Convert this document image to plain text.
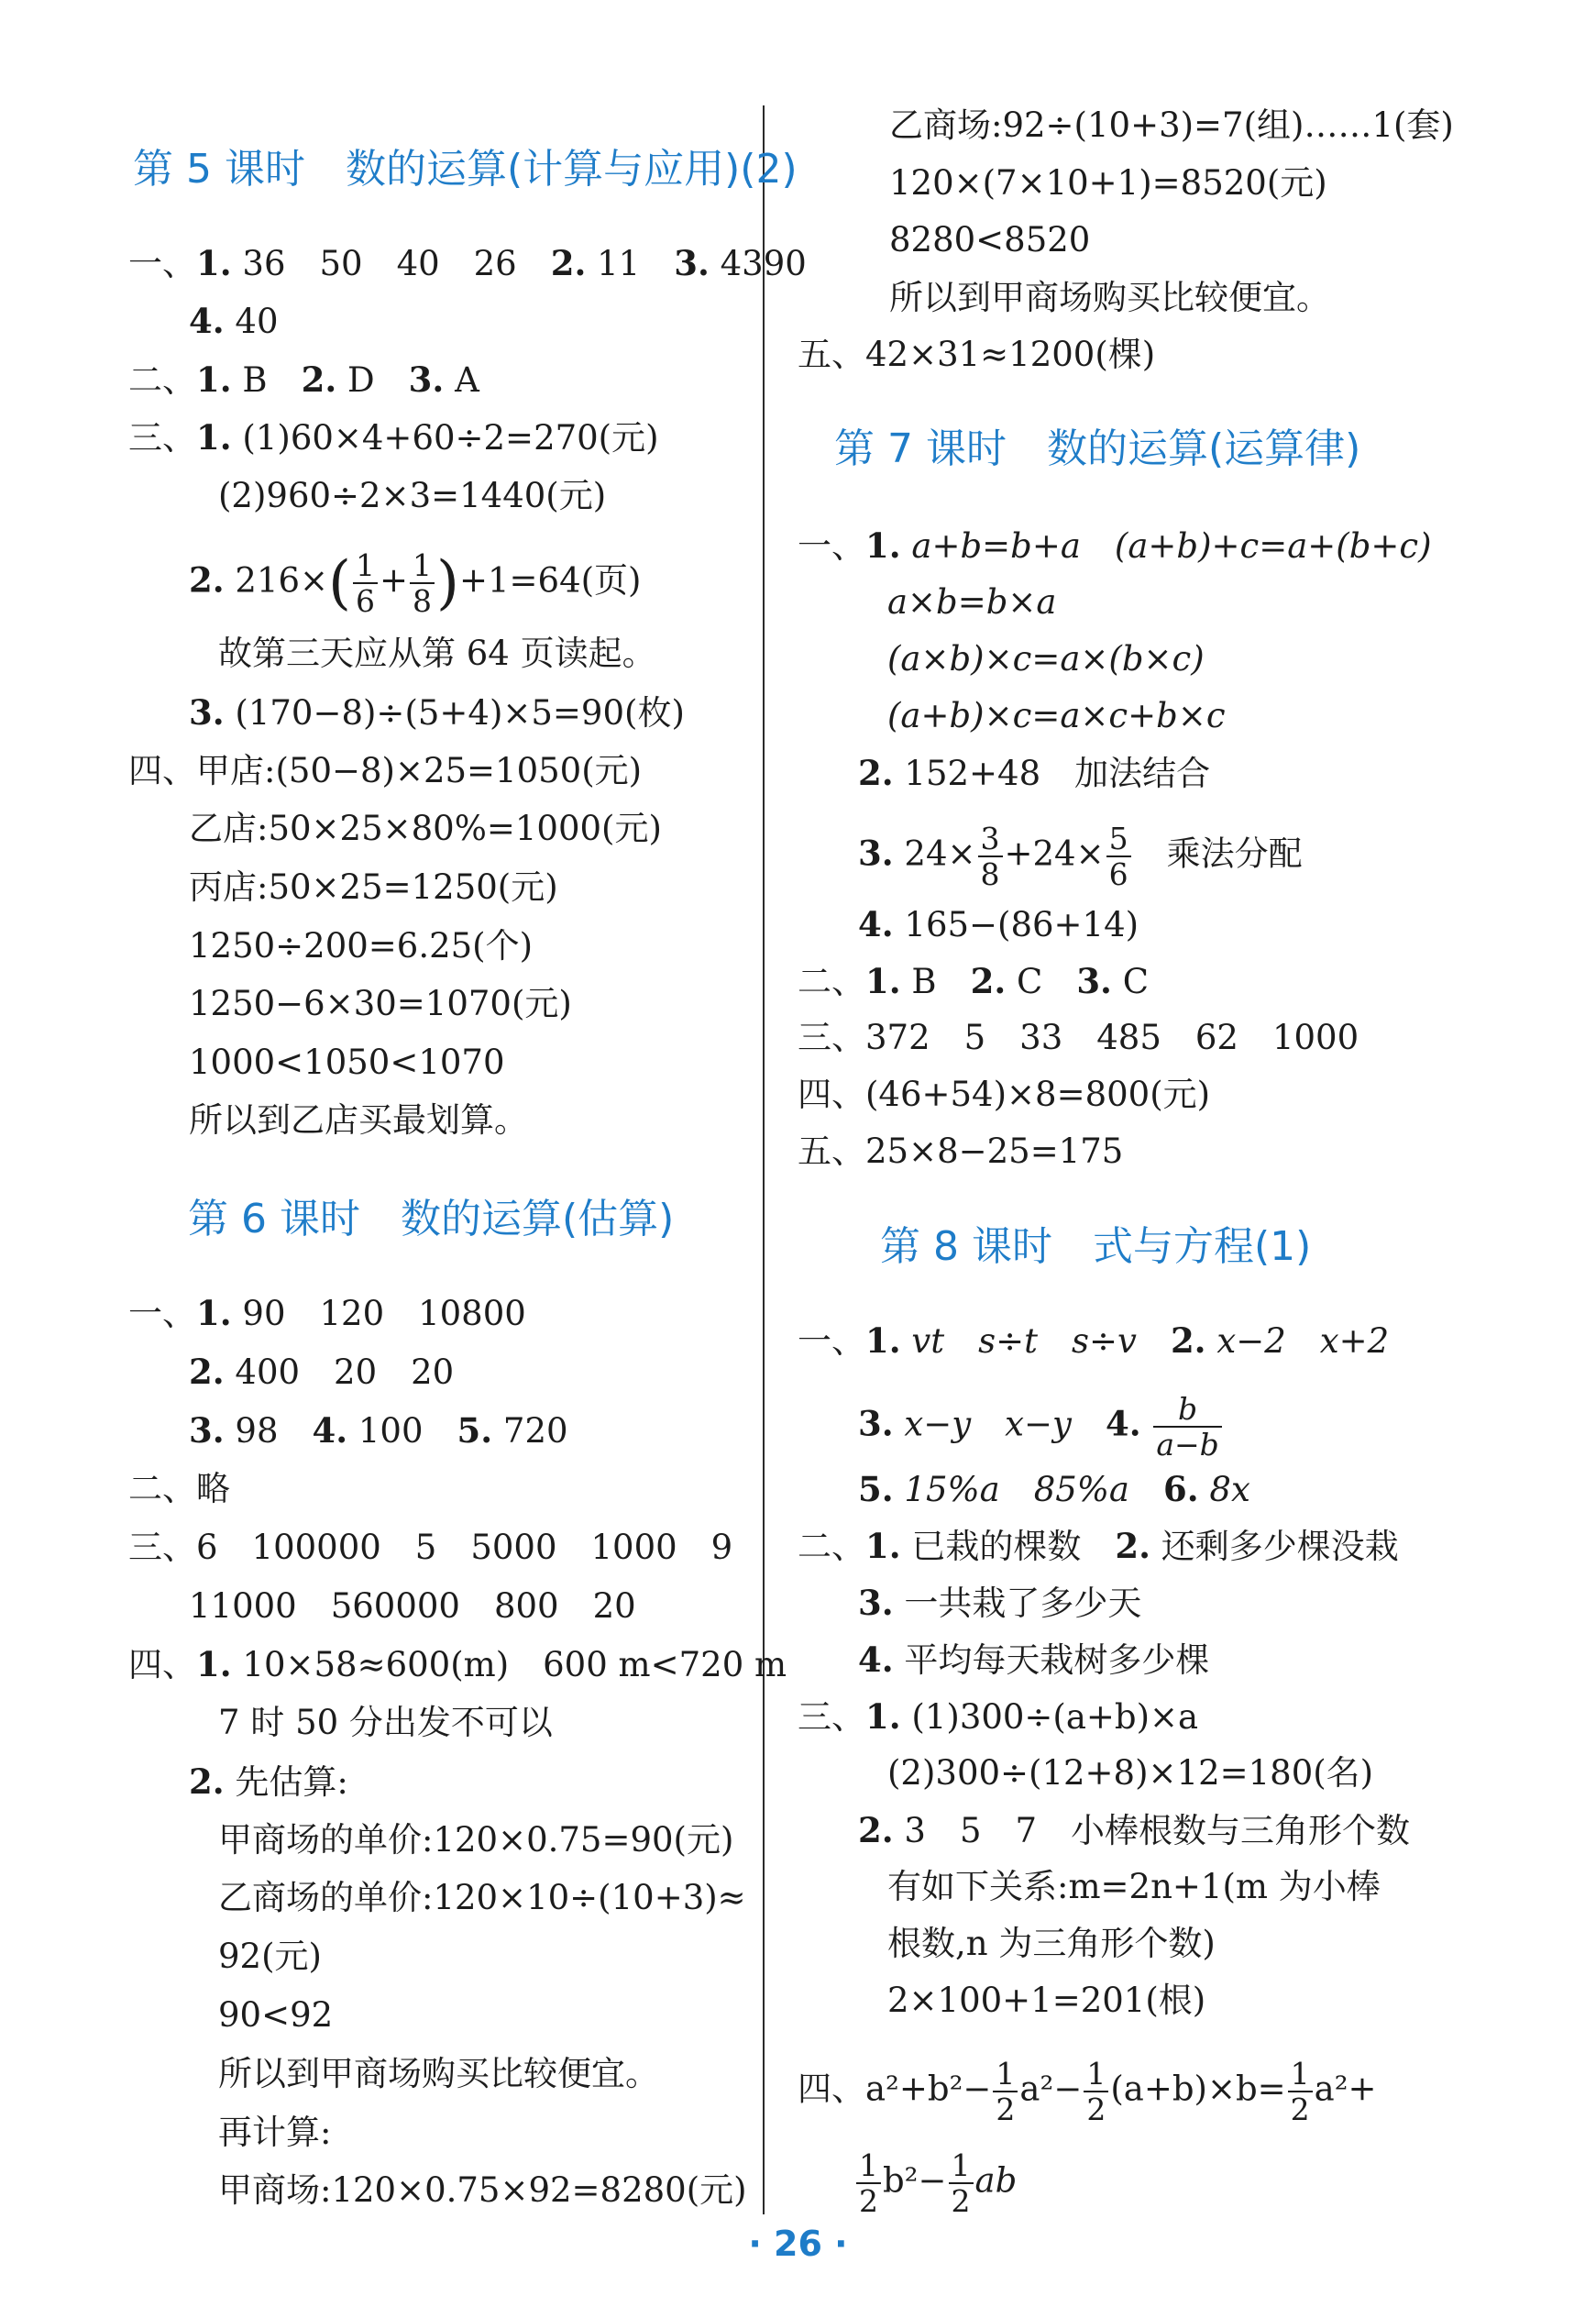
第 5 课时　数的运算(计算与应用)(2)
一、1. 36　50　40　26　2. 11　3. 4390
4. 40
二、1. B　2. D　3. A
三、1. (1)60×4+60÷2=270(元)
(2)960÷2×3=1440(元)
2. $216\times( \frac{1}{6} + \frac{1}{8} )+1=64$(页)
故第三天应从第 64 页读起。
3. (170−8)÷(5+4)×5=90(枚)
四、甲店:(50−8)×25=1050(元)
乙店:50×25×80%=1000(元)
丙店:50×25=1250(元)
1250÷200=6.25(个)
1250−6×30=1070(元)
1000<1050<1070
所以到乙店买最划算。
第 6 课时　数的运算(估算)
一、1. 90　120　10800
2. 400　20　20
3. 98　4. 100　5. 720
二、略
三、6　100000　5　5000　1000　9
11000　560000　800　20
四、1. 10×58≈600(m)　600 m<720 m
7 时 50 分出发不可以
2. 先估算:
甲商场的单价:120×0.75=90(元)
乙商场的单价:120×10÷(10+3)≈
92(元)
90<92
所以到甲商场购买比较便宜。
再计算:
甲商场:120×0.75×92=8280(元)
乙商场:92÷(10+3)=7(组)……1(套)
120×(7×10+1)=8520(元)
8280<8520
所以到甲商场购买比较便宜。
五、42×31≈1200(棵)
第 7 课时　数的运算(运算律)
一、1. a+b=b+a　(a+b)+c=a+(b+c)
a×b=b×a
(a×b)×c=a×(b×c)
(a+b)×c=a×c+b×c
2. 152+48　加法结合
3. $24\times \frac{3}{8} +24\times \frac{5}{6}$ 　乘法分配
4. 165−(86+14)
二、1. B　2. C　3. C
三、372　5　33　485　62　1000
四、(46+54)×8=800(元)
五、25×8−25=175
第 8 课时　式与方程(1)
一、1. vt　s÷t　s÷v　2. x−2　x+2
3. x−y　x−y　4. $\frac{b}{a-b}$
5. 15%a　85%a　6. 8x
二、1. 已栽的棵数　2. 还剩多少棵没栽
3. 一共栽了多少天
4. 平均每天栽树多少棵
三、1. (1)300÷(a+b)×a
(2)300÷(12+8)×12=180(名)
2. 3　5　7　小棒根数与三角形个数
有如下关系:m=2n+1(m 为小棒
根数,n 为三角形个数)
2×100+1=201(根)
四、$a^2+b^2- \frac{1}{2} a^2- \frac{1}{2} (a+b)\times b= \frac{1}{2} a^2+$
$\frac{1}{2} b^2- \frac{1}{2}$ ab
· 26 ·
